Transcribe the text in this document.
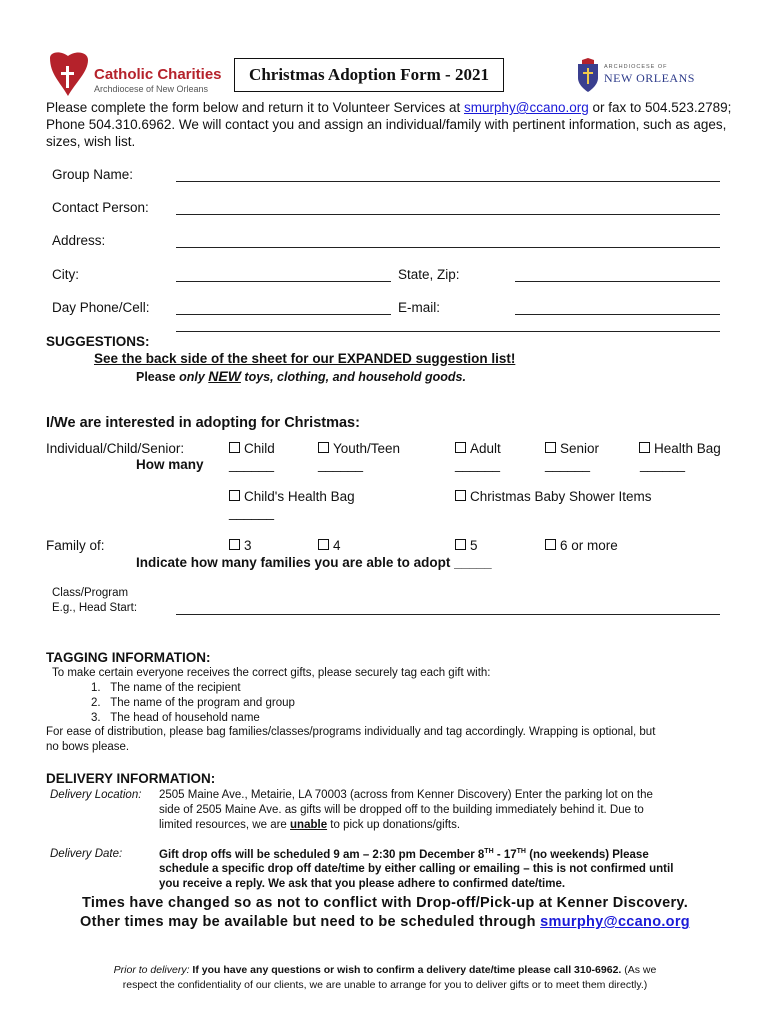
Catholic Charities
Archdiocese of New Orleans
Christmas Adoption Form - 2021	ARCHDIOCESE OF
NEW ORLEANS
Please complete the form below and return it to Volunteer Services at smurphy@ccano.org or fax to 504.523.2789; Phone 504.310.6962. We will contact you and assign an individual/family with pertinent information, such as ages, sizes, wish list.
Group Name:
Contact Person:
Address:
City:	State, Zip:
Day Phone/Cell:	E-mail:
SUGGESTIONS:
See the back side of the sheet for our EXPANDED suggestion list!
Please only NEW toys, clothing, and household goods.
I/We are interested in adopting for Christmas:
Individual/Child/Senior:
How many
Child	Youth/Teen	Adult	Senior	Health Bag
______	______	______	______	______
Child's Health Bag	Christmas Baby Shower Items
______
Family of:	3	4	5	6 or more
Indicate how many families you are able to adopt _____
Class/Program
E.g., Head Start:
TAGGING INFORMATION:
To make certain everyone receives the correct gifts, please securely tag each gift with:
1.   The name of the recipient
2.   The name of the program and group
3.   The head of household name
For ease of distribution, please bag families/classes/programs individually and tag accordingly. Wrapping is optional, but
no bows please.
DELIVERY INFORMATION:
Delivery Location: 2505 Maine Ave., Metairie, LA 70003 (across from Kenner Discovery) Enter the parking lot on the
side of 2505 Maine Ave. as gifts will be dropped off to the building immediately behind it. Due to
limited resources, we are unable to pick up donations/gifts.
Delivery Date:	Gift drop offs will be scheduled 9 am – 2:30 pm December 8TH - 17TH (no weekends) Please
schedule a specific drop off date/time by either calling or emailing – this is not confirmed until
you receive a reply. We ask that you please adhere to confirmed date/time.
Times have changed so as not to conflict with Drop-off/Pick-up at Kenner Discovery.
Other times may be available but need to be scheduled through smurphy@ccano.org
Prior to delivery: If you have any questions or wish to confirm a delivery date/time please call 310-6962. (As we
respect the confidentiality of our clients, we are unable to arrange for you to deliver gifts or to meet them directly.)
